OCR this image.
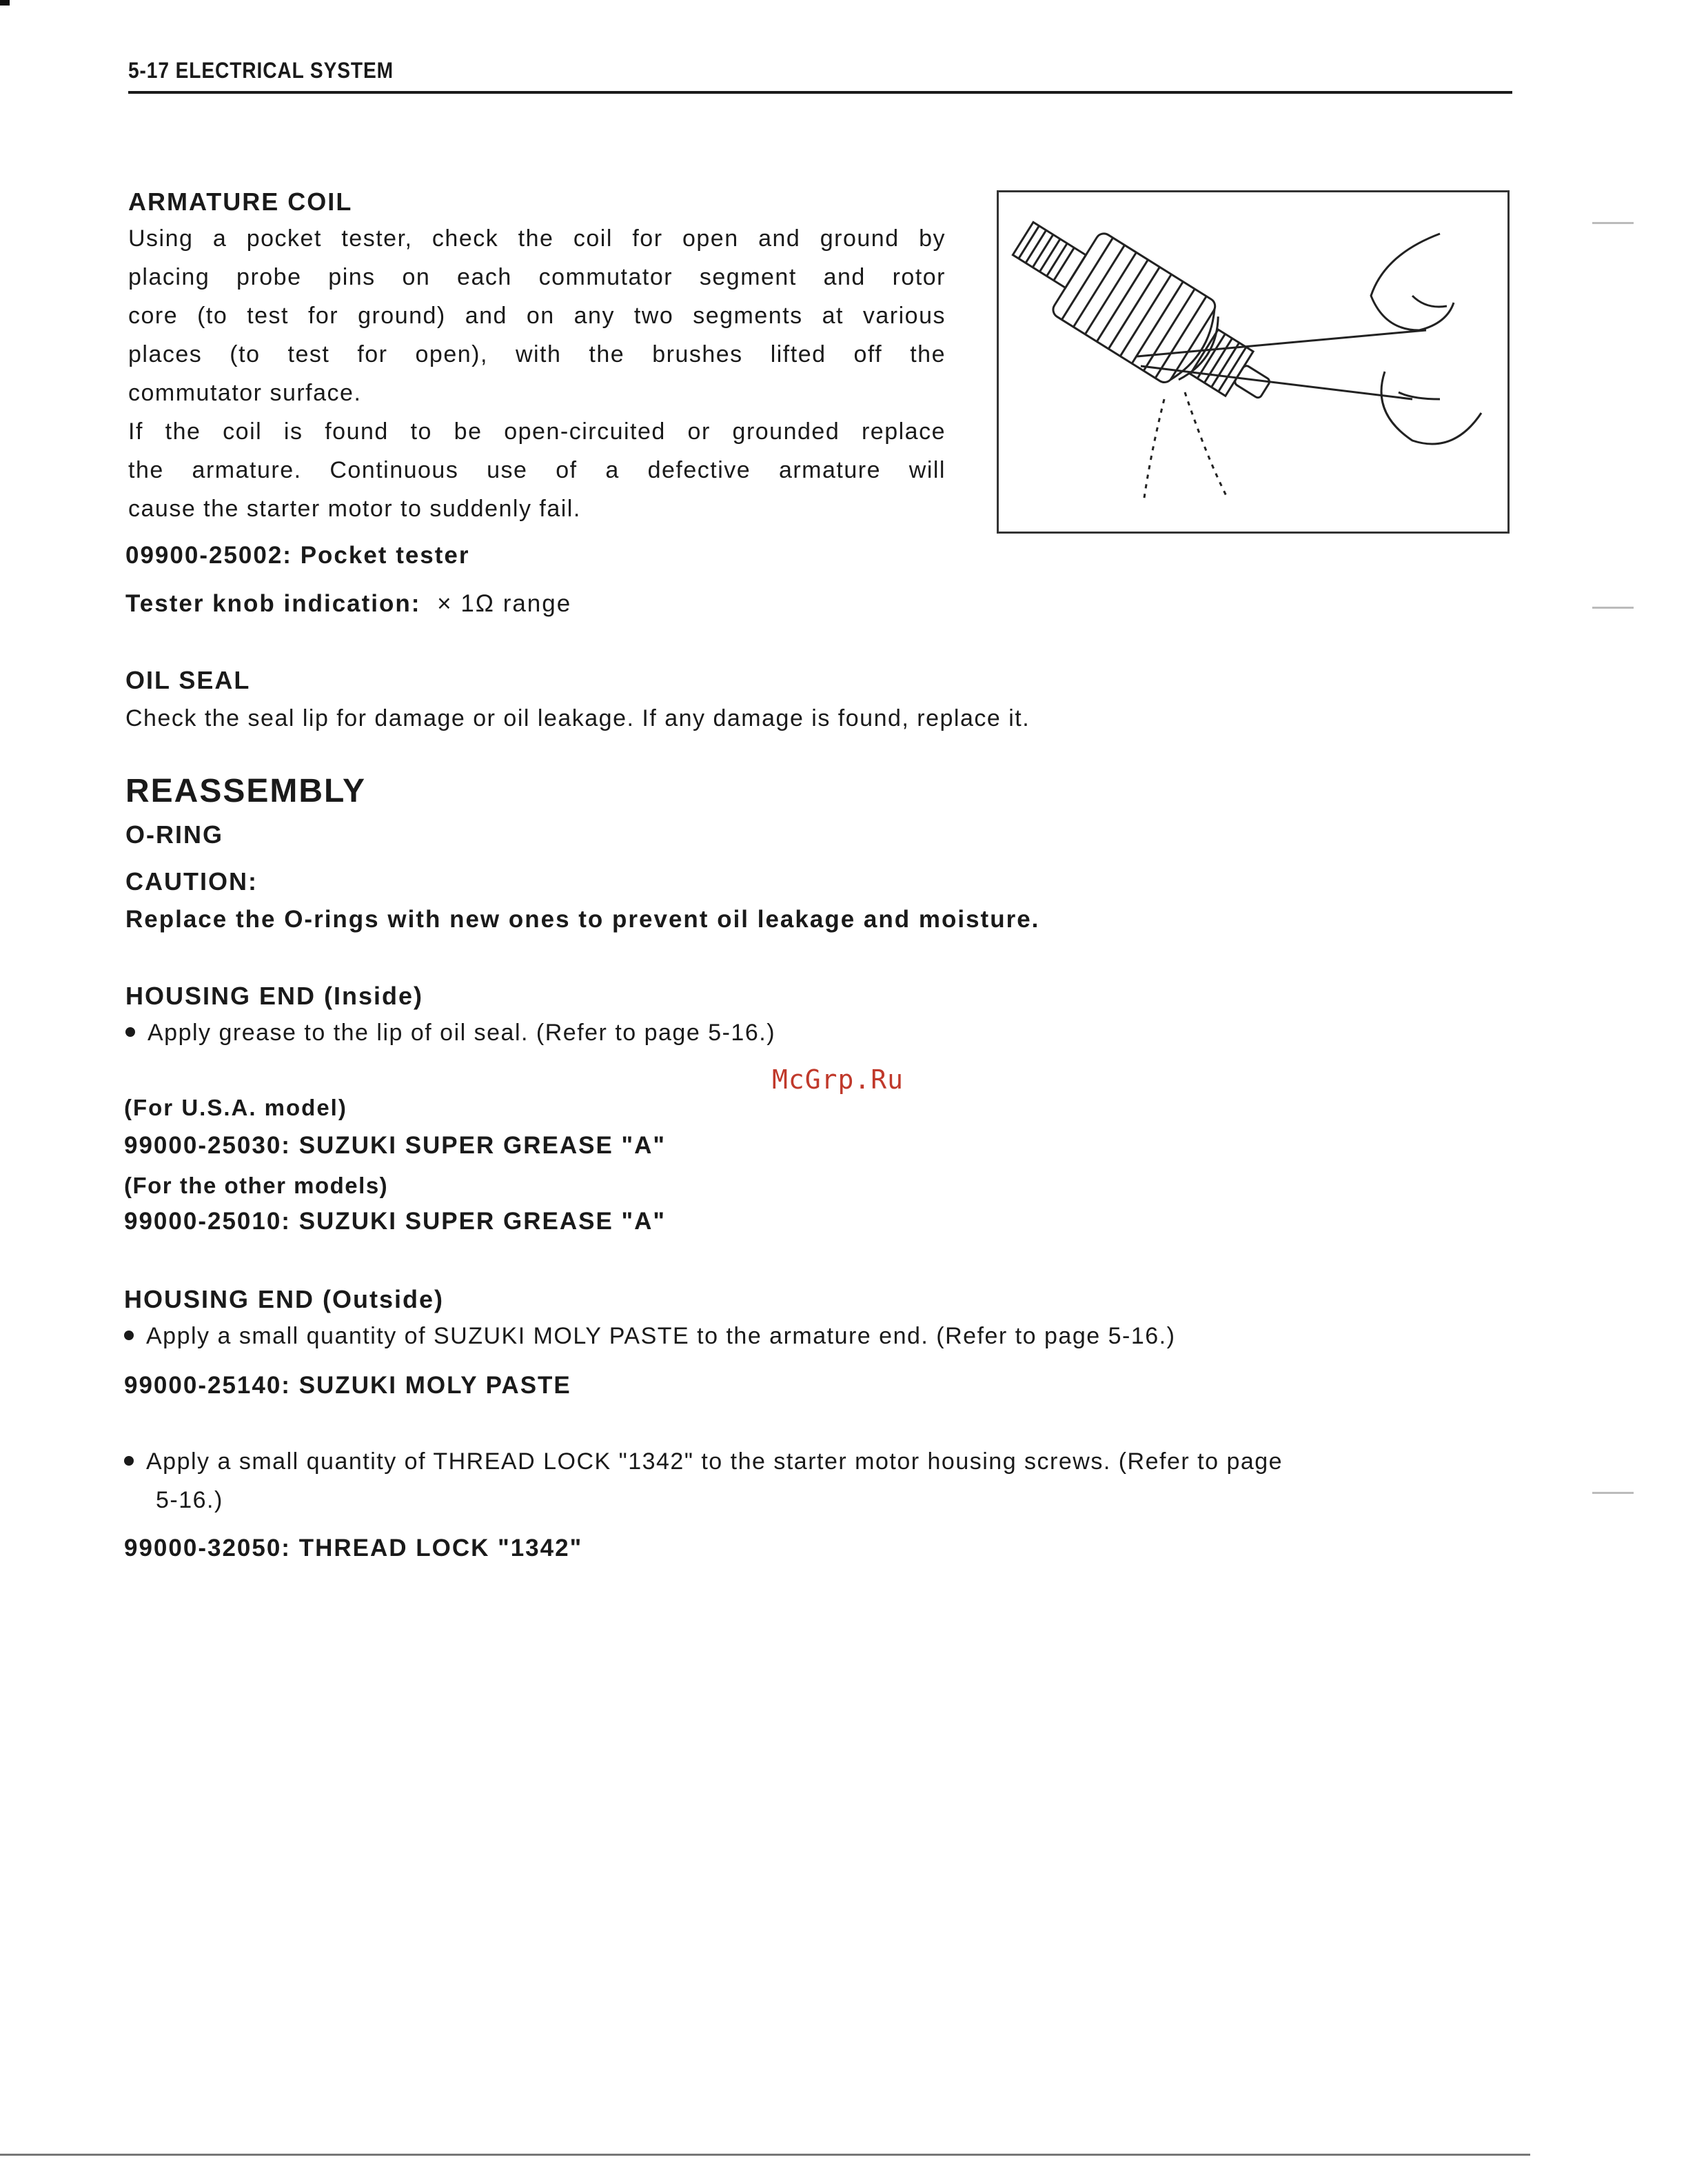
5-17 ELECTRICAL SYSTEM
ARMATURE COIL
Using a pocket tester, check the coil for open and ground by
placing probe pins on each commutator segment and rotor
core (to test for ground) and on any two segments at various
places (to test for open), with the brushes lifted off the
commutator surface.
If the coil is found to be open-circuited or grounded replace
the armature. Continuous use of a defective armature will
cause the starter motor to suddenly fail.
09900-25002: Pocket tester
Tester knob indication: × 1Ω range
OIL SEAL
Check the seal lip for damage or oil leakage. If any damage is found, replace it.
REASSEMBLY
O-RING
CAUTION:
Replace the O-rings with new ones to prevent oil leakage and moisture.
HOUSING END (Inside)
Apply grease to the lip of oil seal. (Refer to page 5-16.)
McGrp.Ru
(For U.S.A. model)
99000-25030: SUZUKI SUPER GREASE "A"
(For the other models)
99000-25010: SUZUKI SUPER GREASE "A"
HOUSING END (Outside)
Apply a small quantity of SUZUKI MOLY PASTE to the armature end. (Refer to page 5-16.)
99000-25140: SUZUKI MOLY PASTE
Apply a small quantity of THREAD LOCK "1342" to the starter motor housing screws. (Refer to page
5-16.)
99000-32050: THREAD LOCK "1342"
